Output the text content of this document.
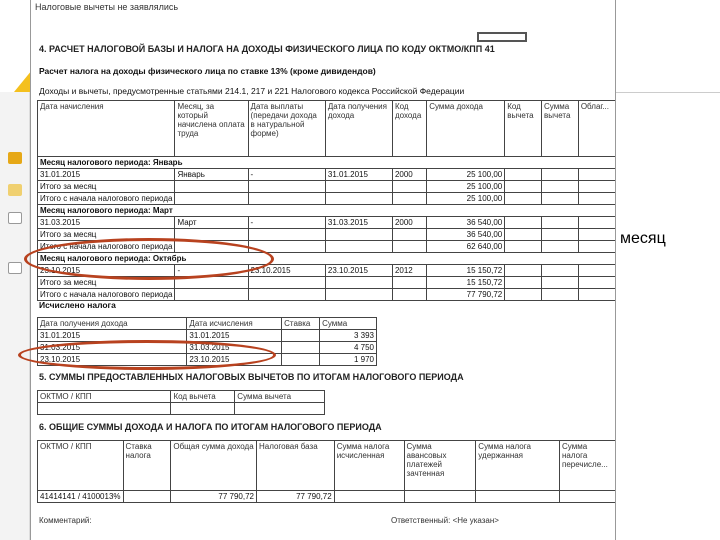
месяц
Налоговые вычеты не заявлялись
4. РАСЧЕТ НАЛОГОВОЙ БАЗЫ И НАЛОГА НА ДОХОДЫ ФИЗИЧЕСКОГО ЛИЦА ПО КОДУ ОКТМО/КПП 41
Расчет налога на доходы физического лица по ставке 13% (кроме дивидендов)
Доходы и вычеты, предусмотренные статьями 214.1, 217 и 221 Налогового кодекса Российской Федерации
Дата начисления	Месяц, за который начислена оплата труда	Дата выплаты (передачи дохода в натуральной форме)	Дата получения дохода	Код дохода	Сумма дохода	Код вычета	Сумма вычета	Облаг...
Месяц налогового периода: Январь								
31.01.2015	Январь	-	31.01.2015	2000	25 100,00			
Итого за месяц					25 100,00			
Итого с начала налогового периода					25 100,00			
Месяц налогового периода: Март								
31.03.2015	Март	-	31.03.2015	2000	36 540,00			
Итого за месяц					36 540,00			
Итого с начала налогового периода					62 640,00			
Месяц налогового периода: Октябрь								
23.10.2015	-	23.10.2015	23.10.2015	2012	15 150,72			
Итого за месяц					15 150,72			
Итого с начала налогового периода					77 790,72			
Исчислено налога
Дата получения дохода	Дата исчисления	Ставка	Сумма
31.01.2015	31.01.2015		3 393
31.03.2015	31.03.2015		4 750
23.10.2015	23.10.2015		1 970
5. СУММЫ ПРЕДОСТАВЛЕННЫХ НАЛОГОВЫХ ВЫЧЕТОВ ПО ИТОГАМ НАЛОГОВОГО ПЕРИОДА
ОКТМО / КПП	Код вычета	Сумма вычета

6. ОБЩИЕ СУММЫ ДОХОДА И НАЛОГА ПО ИТОГАМ НАЛОГОВОГО ПЕРИОДА
ОКТМО / КПП	Ставка налога	Общая сумма дохода	Налоговая база	Сумма налога исчисленная	Сумма авансовых платежей зачтенная	Сумма налога удержанная	Сумма налога перечисле...
41414141 / 4100013%		77 790,72	77 790,72				
Комментарий:	Ответственный: <Не указан>
